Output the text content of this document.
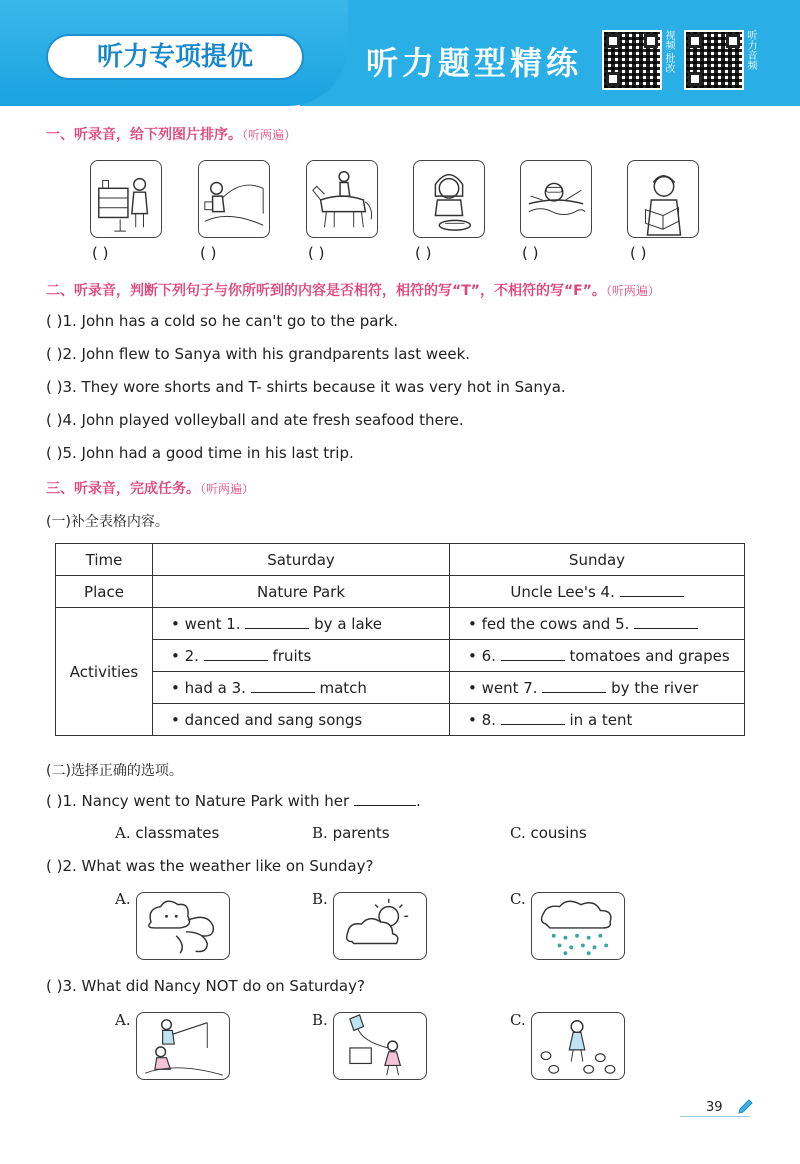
听力专项提优	听力题型精练	视频·批改	听力音频
一、听录音，给下列图片排序。（听两遍）
( )	( )	( )	( )	( )	( )
二、听录音，判断下列句子与你所听到的内容是否相符，相符的写“T”，不相符的写“F”。（听两遍）
( )1. John has a cold so he can't go to the park.
( )2. John flew to Sanya with his grandparents last week.
( )3. They wore shorts and T- shirts because it was very hot in Sanya.
( )4. John played volleyball and ate fresh seafood there.
( )5. John had a good time in his last trip.
三、听录音，完成任务。（听两遍）
(一)补全表格内容。
Time	Saturday	Sunday
Place	Nature Park	Uncle Lee's 4.
Activities	• went 1. by a lake	• fed the cows and 5.
	• 2. fruits	• 6. tomatoes and grapes
	• had a 3. match	• went 7. by the river
	• danced and sang songs	• 8. in a tent
(二)选择正确的选项。
( )1. Nancy went to Nature Park with her	.
A. classmates	B. parents	C. cousins
( )2. What was the weather like on Sunday?
A.	B.	C.
( )3. What did Nancy NOT do on Saturday?
A.	B.	C.
39
